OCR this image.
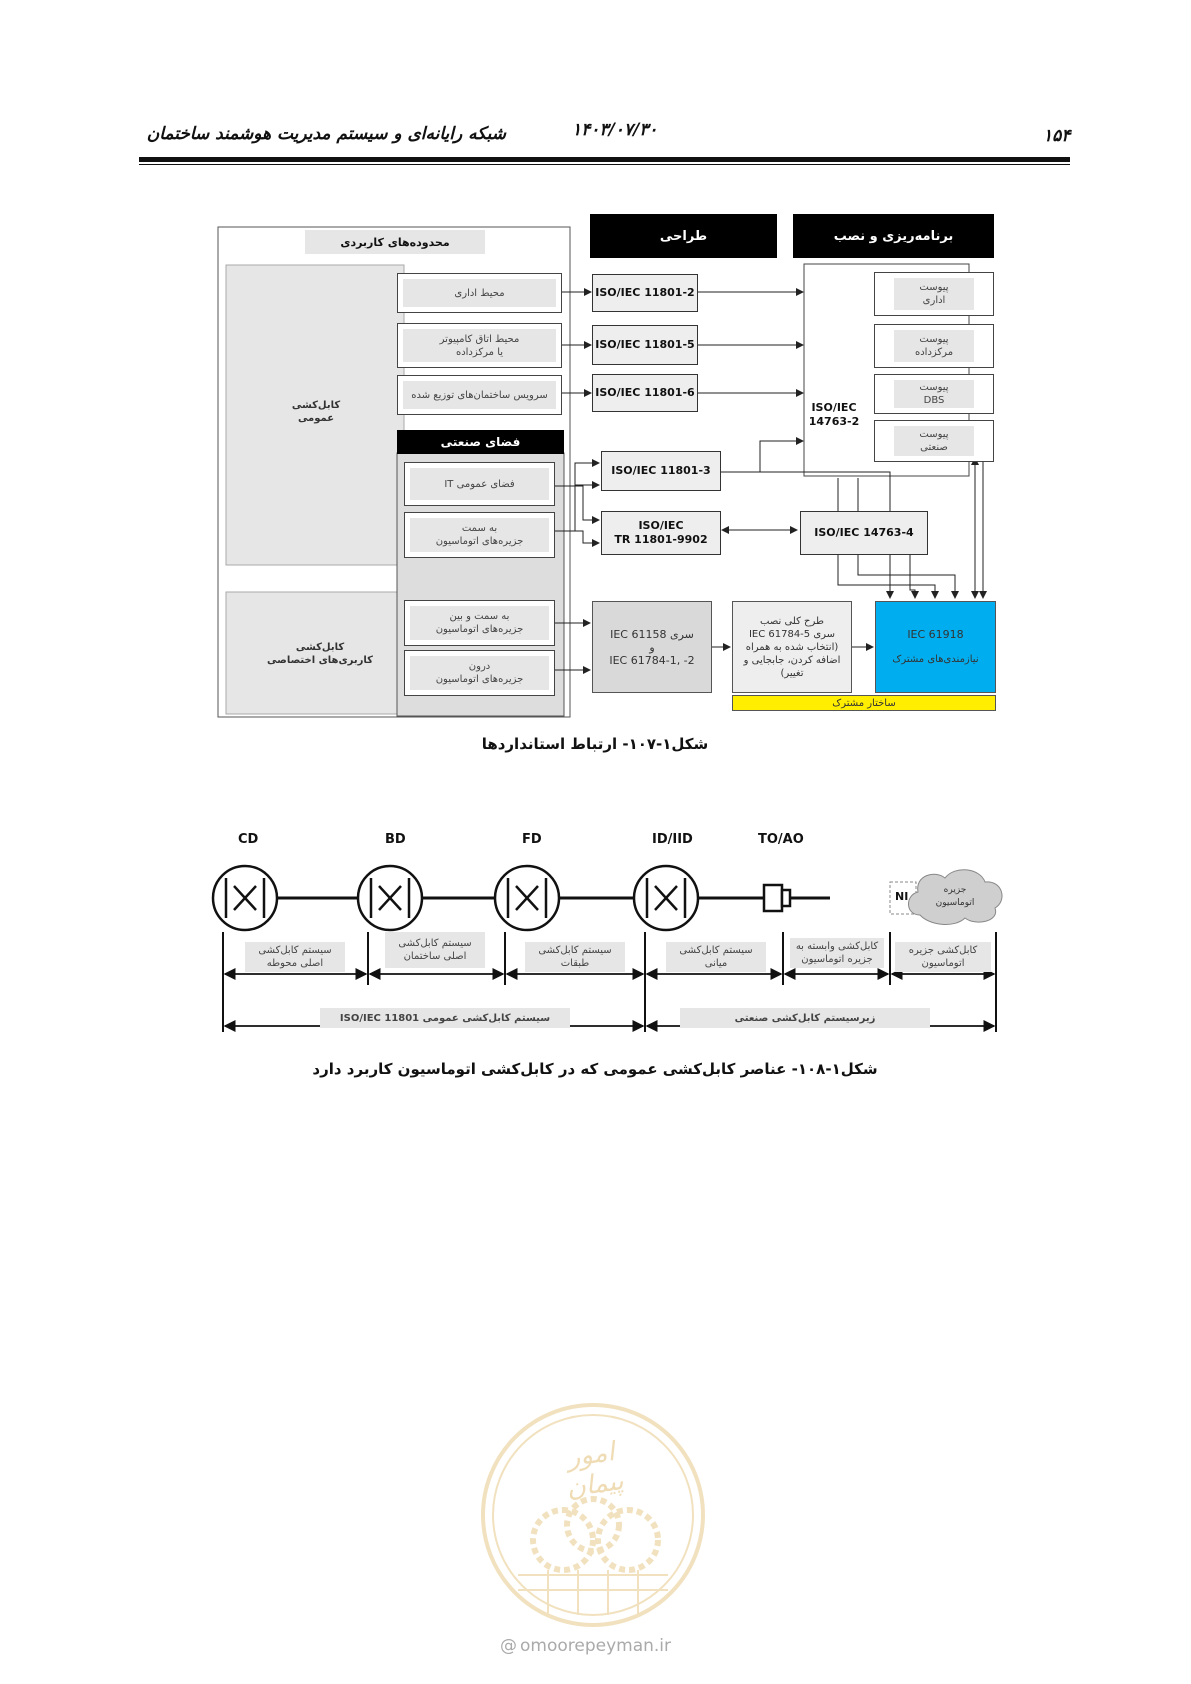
۱۵۴
۱۴۰۳/۰۷/۳۰
شبکه رایانه‌ای و سیستم مدیریت هوشمند ساختمان
محدوده‌های کاربردی	طراحی	برنامه‌ریزی و نصب
کابل‌کشی
عمومی
کابل‌کشی
کاربری‌های اختصاصی
محیط اداری
محیط اتاق کامپیوتر
یا مرکزداده
سرویس ساختمان‌های توزیع شده
فضای صنعتی
فضای عمومی IT
به سمت
جزیره‌های اتوماسیون
به سمت و بین
جزیره‌های اتوماسیون
درون
جزیره‌های اتوماسیون
ISO/IEC 11801-2
ISO/IEC 11801-5
ISO/IEC 11801-6
ISO/IEC 11801-3
ISO/IEC
TR 11801-9902
ISO/IEC
14763-2
ISO/IEC 14763-4
پیوست
اداری
پیوست
مرکزداده
پیوست
DBS
پیوست
صنعتی
سری IEC 61158
و
IEC 61784-1, -2
طرح کلی نصب
سری IEC 61784-5
(انتخاب شده به همراه
اضافه کردن، جابجایی و
تغییر)
IEC 61918
نیازمندی‌های مشترک
ساختار مشترک
شکل۱-۱۰۷- ارتباط استانداردها
CD	BD	FD	ID/IID	TO/AO
NI	جزیره
اتوماسیون
سیستم کابل‌کشی
اصلی محوطه
سیستم کابل‌کشی
اصلی ساختمان
سیستم کابل‌کشی
طبقات
سیستم کابل‌کشی
میانی
کابل‌کشی وابسته به
جزیره اتوماسیون
کابل‌کشی جزیره
اتوماسیون
سیستم کابل‌کشی عمومی ISO/IEC 11801	زیرسیستم کابل‌کشی صنعتی
شکل۱-۱۰۸- عناصر کابل‌کشی عمومی که در کابل‌کشی اتوماسیون کاربرد دارد
امور پیمان
@ omoorepeyman.ir
